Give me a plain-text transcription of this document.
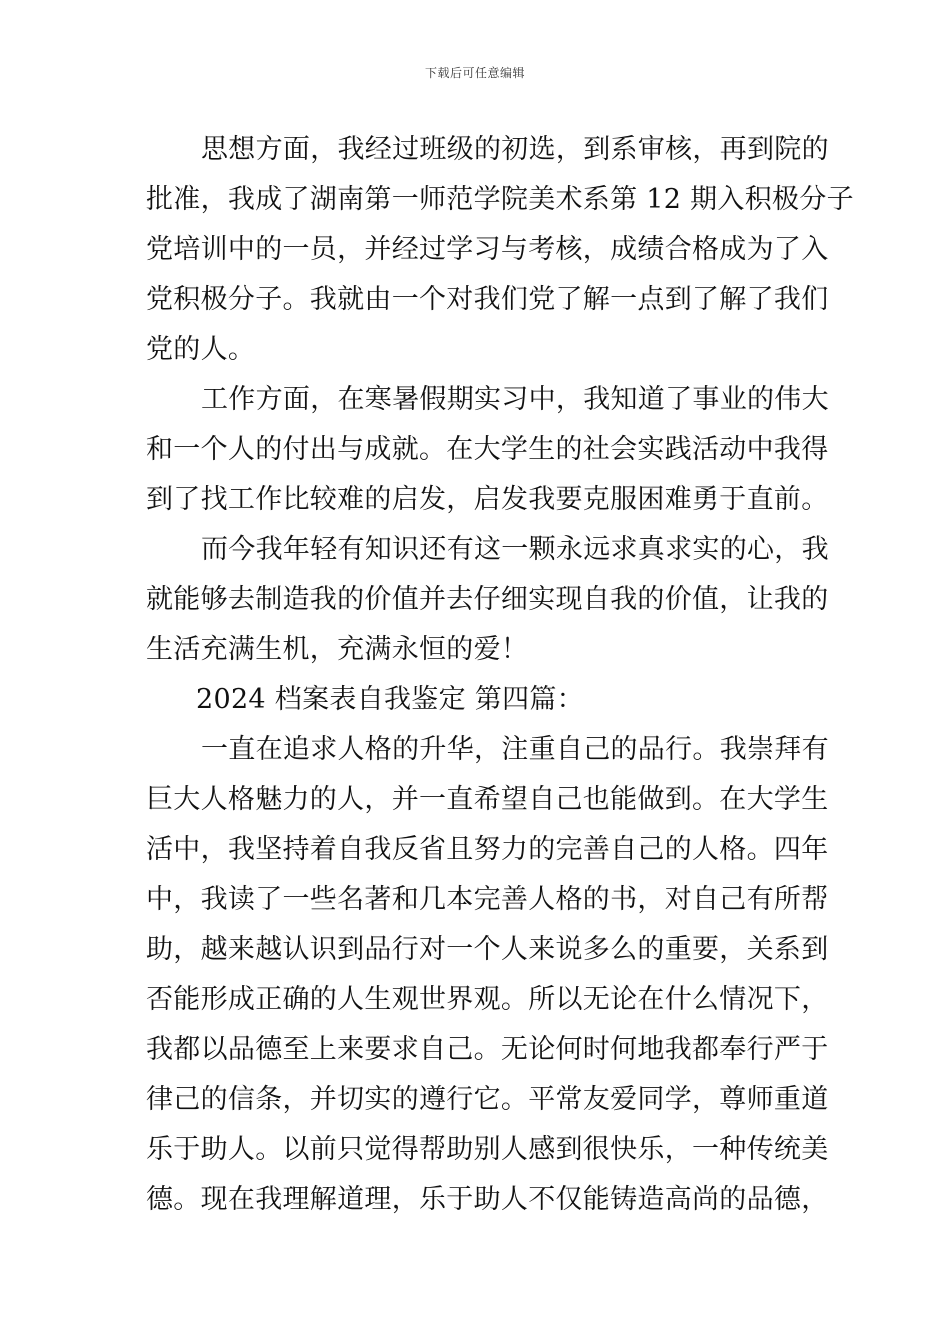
下载后可任意编辑
思想方面，我经过班级的初选，到系审核，再到院的
批准，我成了湖南第一师范学院美术系第 12 期入积极分子
党培训中的一员，并经过学习与考核，成绩合格成为了入
党积极分子。我就由一个对我们党了解一点到了解了我们
党的人。
工作方面，在寒暑假期实习中，我知道了事业的伟大
和一个人的付出与成就。在大学生的社会实践活动中我得
到了找工作比较难的启发，启发我要克服困难勇于直前。
而今我年轻有知识还有这一颗永远求真求实的心，我
就能够去制造我的价值并去仔细实现自我的价值，让我的
生活充满生机，充满永恒的爱！
2024 档案表自我鉴定 第四篇：
一直在追求人格的升华，注重自己的品行。我崇拜有
巨大人格魅力的人，并一直希望自己也能做到。在大学生
活中，我坚持着自我反省且努力的完善自己的人格。四年
中，我读了一些名著和几本完善人格的书，对自己有所帮
助，越来越认识到品行对一个人来说多么的重要，关系到
否能形成正确的人生观世界观。所以无论在什么情况下，
我都以品德至上来要求自己。无论何时何地我都奉行严于
律己的信条，并切实的遵行它。平常友爱同学，尊师重道
乐于助人。以前只觉得帮助别人感到很快乐，一种传统美
德。现在我理解道理，乐于助人不仅能铸造高尚的品德，
